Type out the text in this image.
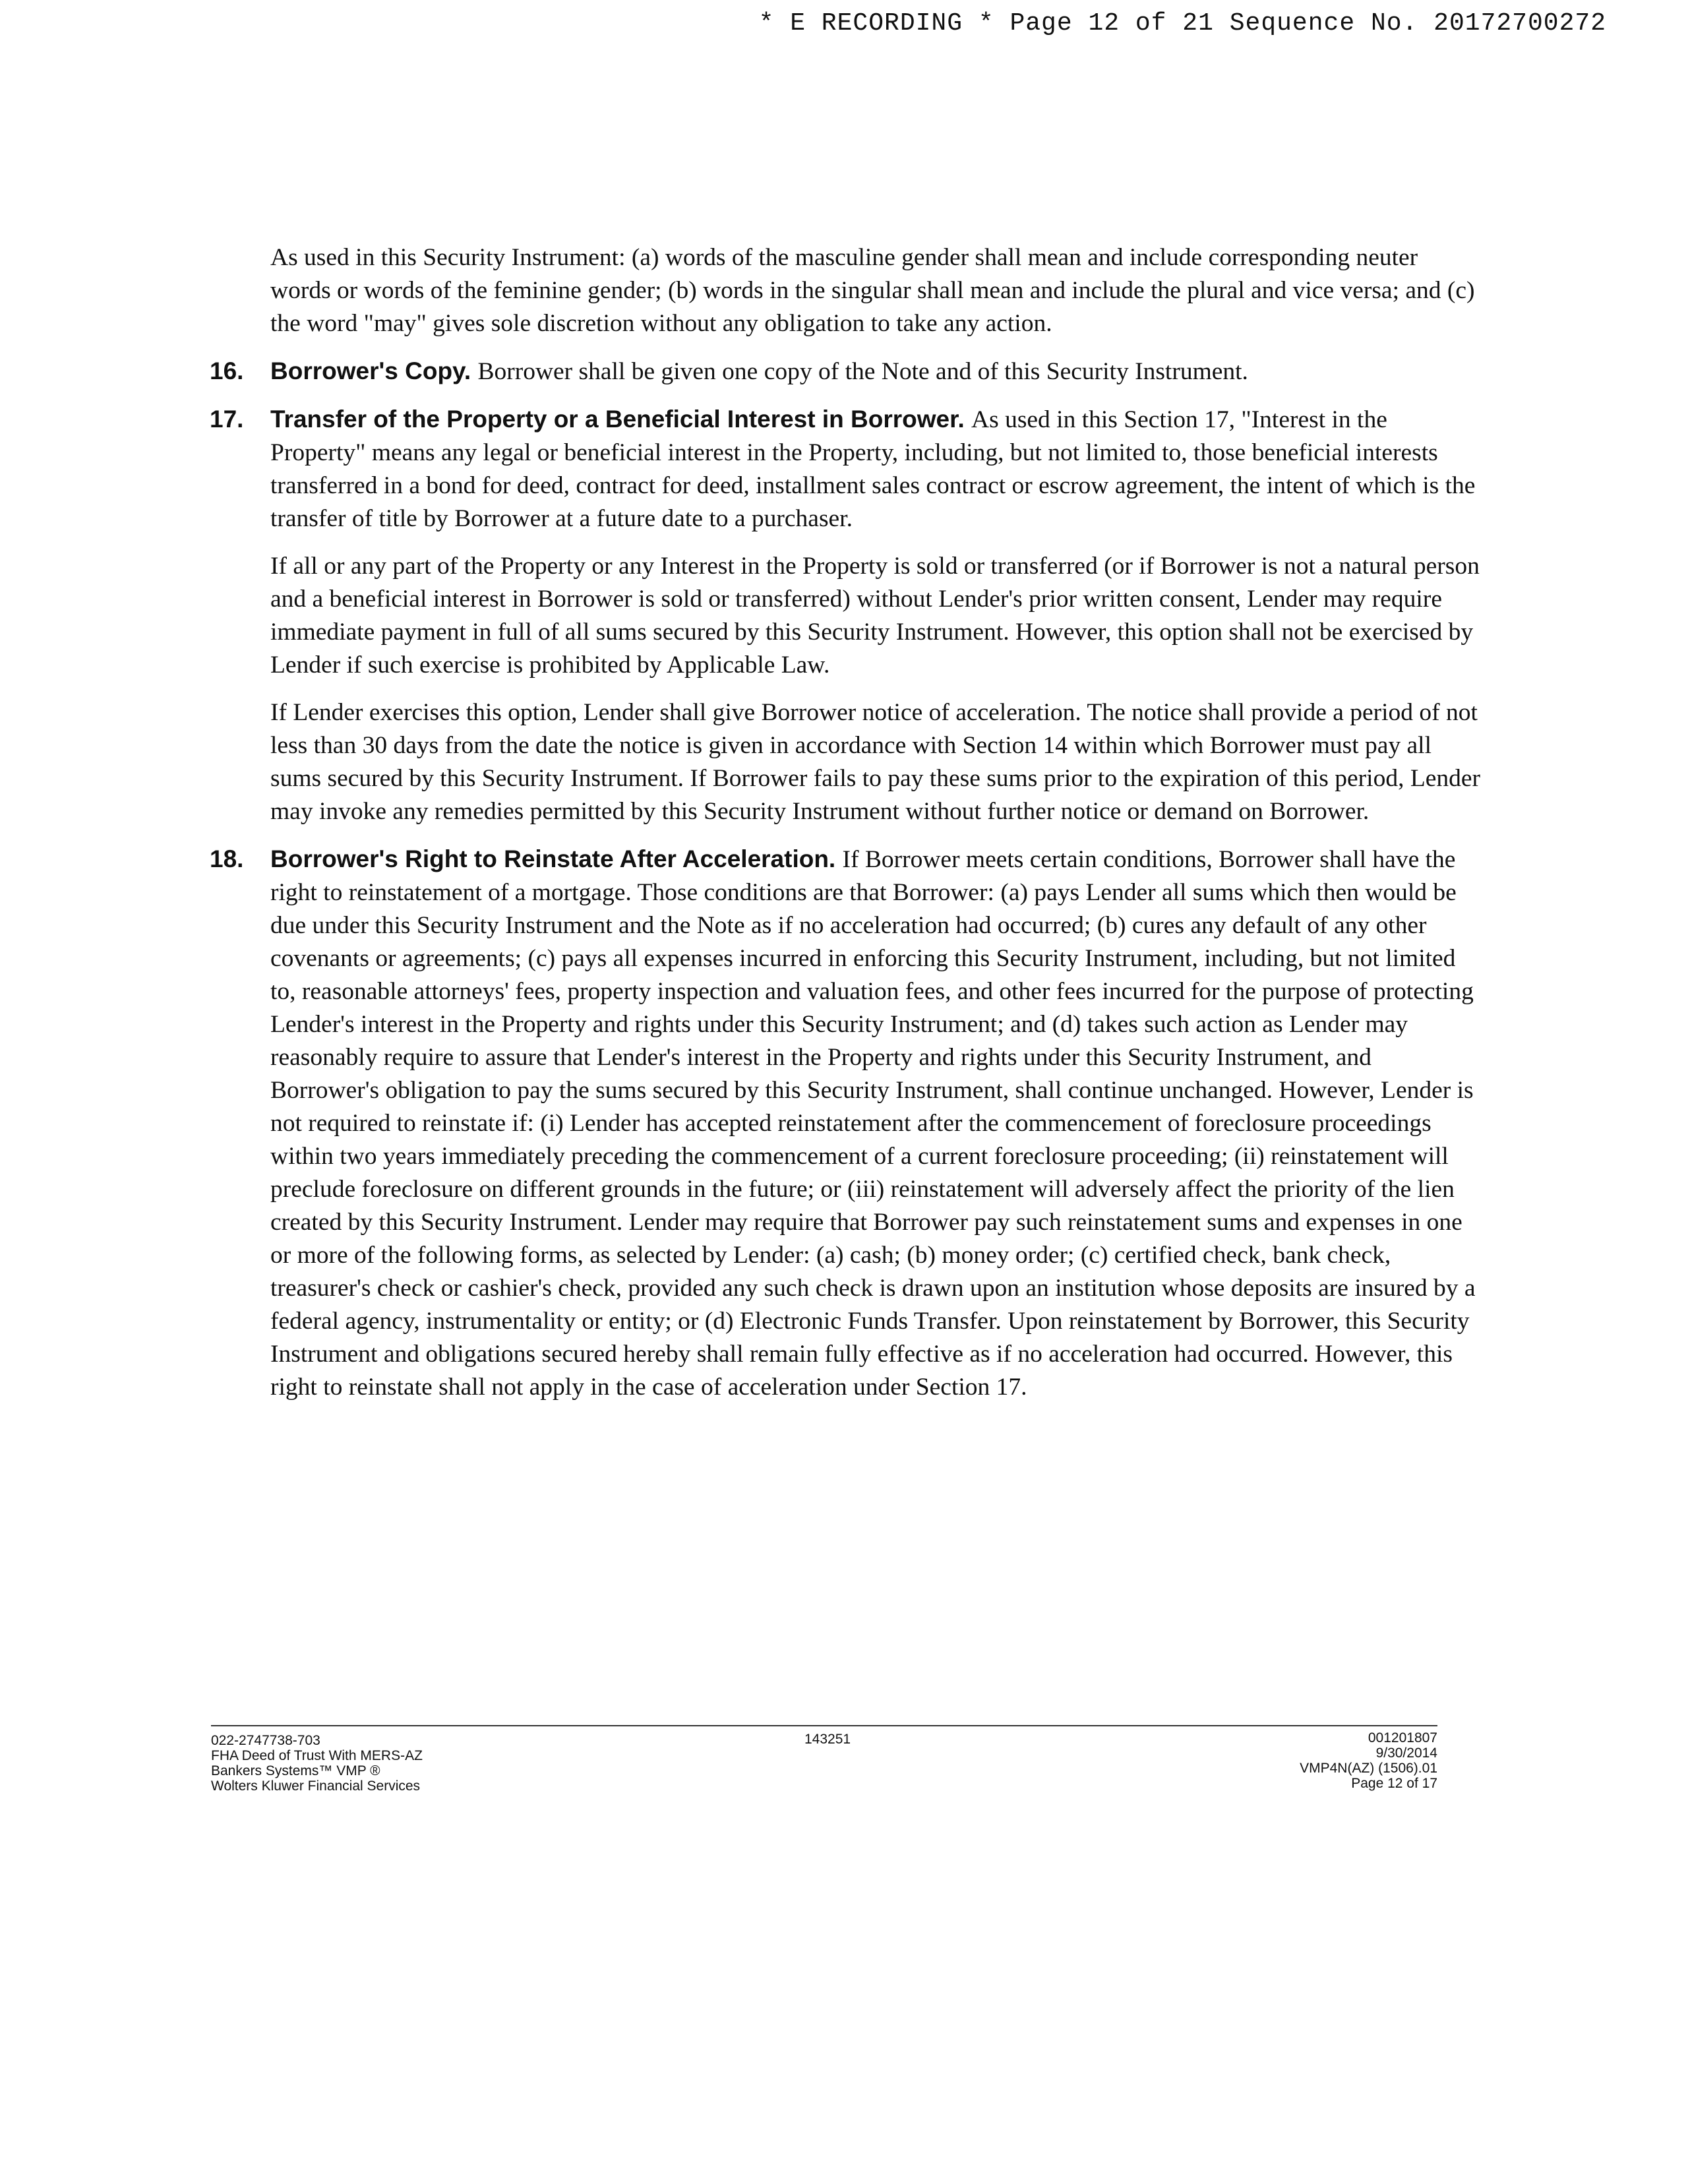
* E RECORDING * Page 12 of 21 Sequence No. 20172700272

As used in this Security Instrument: (a) words of the masculine gender shall mean and include corresponding neuter words or words of the feminine gender; (b) words in the singular shall mean and include the plural and vice versa; and (c) the word "may" gives sole discretion without any obligation to take any action.

16. Borrower's Copy. Borrower shall be given one copy of the Note and of this Security Instrument.
17. Transfer of the Property or a Beneficial Interest in Borrower. As used in this Section 17, "Interest in the Property" means any legal or beneficial interest in the Property, including, but not limited to, those beneficial interests transferred in a bond for deed, contract for deed, installment sales contract or escrow agreement, the intent of which is the transfer of title by Borrower at a future date to a purchaser.

If all or any part of the Property or any Interest in the Property is sold or transferred (or if Borrower is not a natural person and a beneficial interest in Borrower is sold or transferred) without Lender's prior written consent, Lender may require immediate payment in full of all sums secured by this Security Instrument. However, this option shall not be exercised by Lender if such exercise is prohibited by Applicable Law.

If Lender exercises this option, Lender shall give Borrower notice of acceleration. The notice shall provide a period of not less than 30 days from the date the notice is given in accordance with Section 14 within which Borrower must pay all sums secured by this Security Instrument. If Borrower fails to pay these sums prior to the expiration of this period, Lender may invoke any remedies permitted by this Security Instrument without further notice or demand on Borrower.

18. Borrower's Right to Reinstate After Acceleration. If Borrower meets certain conditions, Borrower shall have the right to reinstatement of a mortgage. Those conditions are that Borrower: (a) pays Lender all sums which then would be due under this Security Instrument and the Note as if no acceleration had occurred; (b) cures any default of any other covenants or agreements; (c) pays all expenses incurred in enforcing this Security Instrument, including, but not limited to, reasonable attorneys' fees, property inspection and valuation fees, and other fees incurred for the purpose of protecting Lender's interest in the Property and rights under this Security Instrument; and (d) takes such action as Lender may reasonably require to assure that Lender's interest in the Property and rights under this Security Instrument, and Borrower's obligation to pay the sums secured by this Security Instrument, shall continue unchanged. However, Lender is not required to reinstate if: (i) Lender has accepted reinstatement after the commencement of foreclosure proceedings within two years immediately preceding the commencement of a current foreclosure proceeding; (ii) reinstatement will preclude foreclosure on different grounds in the future; or (iii) reinstatement will adversely affect the priority of the lien created by this Security Instrument. Lender may require that Borrower pay such reinstatement sums and expenses in one or more of the following forms, as selected by Lender: (a) cash; (b) money order; (c) certified check, bank check, treasurer's check or cashier's check, provided any such check is drawn upon an institution whose deposits are insured by a federal agency, instrumentality or entity; or (d) Electronic Funds Transfer. Upon reinstatement by Borrower, this Security Instrument and obligations secured hereby shall remain fully effective as if no acceleration had occurred. However, this right to reinstate shall not apply in the case of acceleration under Section 17.
022-2747738-703
FHA Deed of Trust With MERS-AZ
Bankers Systems™ VMP ®
Wolters Kluwer Financial Services
143251	001201807
9/30/2014
VMP4N(AZ) (1506).01
Page 12 of 17
